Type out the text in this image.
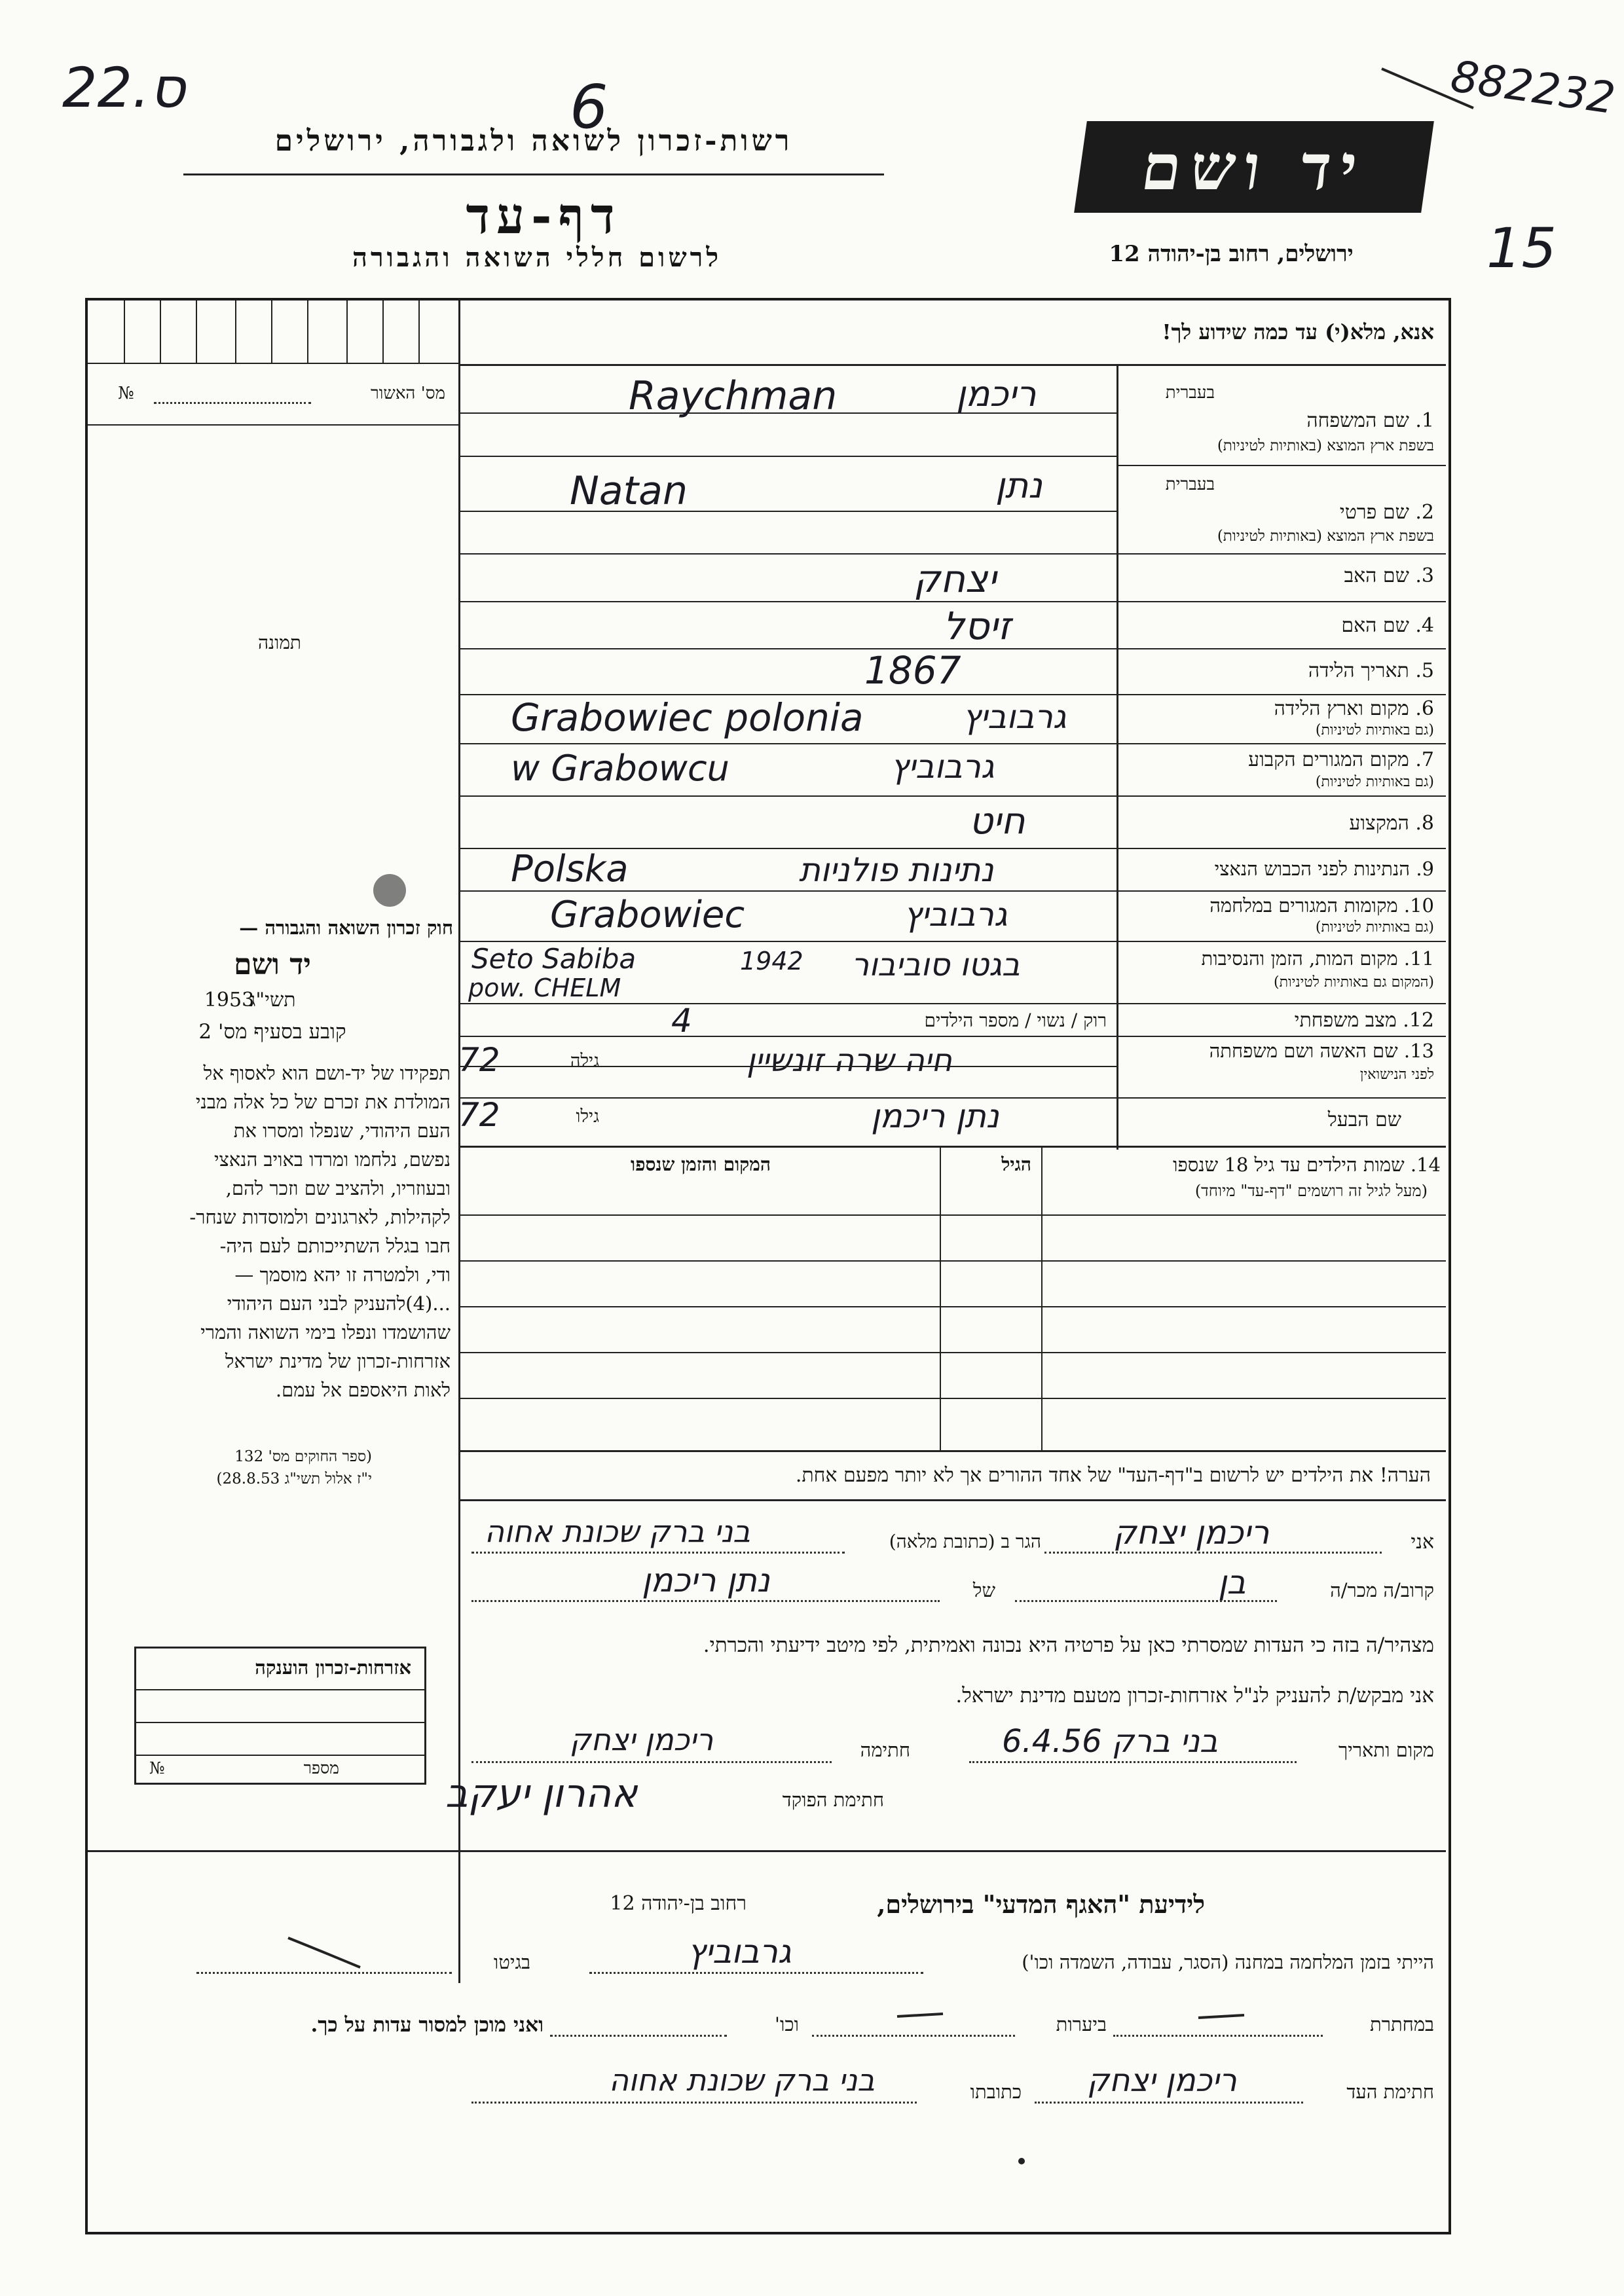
22.ס	6	882232
15
רשות-זכרון לשואה ולגבורה, ירושלים
דף-עד
לרשום חללי השואה והגבורה
יד ושם
ירושלים, רחוב בן-יהודה 12
מס' האשור
№
תמונה
חוק זכרון השואה והגבורה —
יד ושם
תשי"ג
1953
קובע בסעיף מס' 2
תפקידו של יד-ושם הוא לאסוף אל
המולדת את זכרם של כל אלה מבני
העם היהודי, שנפלו ומסרו את
נפשם, נלחמו ומרדו באויב הנאצי
ובעוזריו, ולהציב שם וזכר להם,
לקהילות, לארגונים ולמוסדות שנחר-
חבו בגלל השתייכותם לעם היה-
ודי, ולמטרה זו יהא מוסמך —
...(4)להעניק לבני העם היהודי
שהושמדו ונפלו בימי השואה והמרי
אזרחות-זכרון של מדינת ישראל
לאות היאספם אל עמם.
(ספר החוקים מס' 132
י"ז אלול תשי"ג 28.8.53)
אזרחות-זכרון הוענקה
מספר
№
אנא, מלא(י) עד כמה שידוע לך!
בעברית
1. שם המשפחה
בשפת ארץ המוצא (באותיות לטיניות)
ריכמן
Raychman
בעברית
2. שם פרטי
בשפת ארץ המוצא (באותיות לטיניות)
נתן
Natan
3. שם האב
יצחק
4. שם האם
זיסל
5. תאריך הלידה
1867
6. מקום וארץ הלידה
(גם באותיות לטיניות)
Grabowiec polonia	גרבוביץ
7. מקום המגורים הקבוע
(גם באותיות לטיניות)
w Grabowcu	גרבוביץ
8. המקצוע
חיט
9. הנתינות לפני הכבוש הנאצי
Polska	נתינות פולניות
10. מקומות המגורים במלחמה
(גם באותיות לטיניות)
Grabowiec	גרבוביץ
11. מקום המות, הזמן והנסיבות
(המקום גם באותיות לטיניות)
Seto Sabiba
pow. CHELM
1942 בגטו סוביבור
12. מצב משפחתי
רוק / נשוי / מספר הילדים
4
13. שם האשה ושם משפחתה
לפני הנישואין
גילה
72	חיה שרה זונשיין
שם הבעל
גילו
72	נתן ריכמן
14. שמות הילדים עד גיל 18 שנספו
(מעל לגיל זה רושמים "דף-עד" מיוחד)
הגיל
המקום והזמן שנספו
הערה! את הילדים יש לרשום ב"דף-העד" של אחד ההורים אך לא יותר מפעם אחת.
אני
ריכמן יצחק
הגר ב (כתובת מלאה)
בני ברק שכונת אחוה
קרוב/ה מכר/ה
בן
של
נתן ריכמן
מצהיר/ה בזה כי העדות שמסרתי כאן על פרטיה היא נכונה ואמיתית, לפי מיטב ידיעתי והכרתי.
אני מבקש/ת להעניק לנ"ל אזרחות-זכרון מטעם מדינת ישראל.
מקום ותאריך
בני ברק 6.4.56
חתימה
ריכמן יצחק
חתימת הפוקד
אהרון יעקב
לידיעת "האגף המדעי" בירושלים,
רחוב בן-יהודה 12
הייתי בזמן המלחמה במחנה (הסגר, עבודה, השמדה וכו')
גרבוביץ
בגיטו
במחתרת
ביערות
וכו'
ואני מוכן למסור עדות על כך.
חתימת העד
ריכמן יצחק
כתובתו
בני ברק שכונת אחוה
